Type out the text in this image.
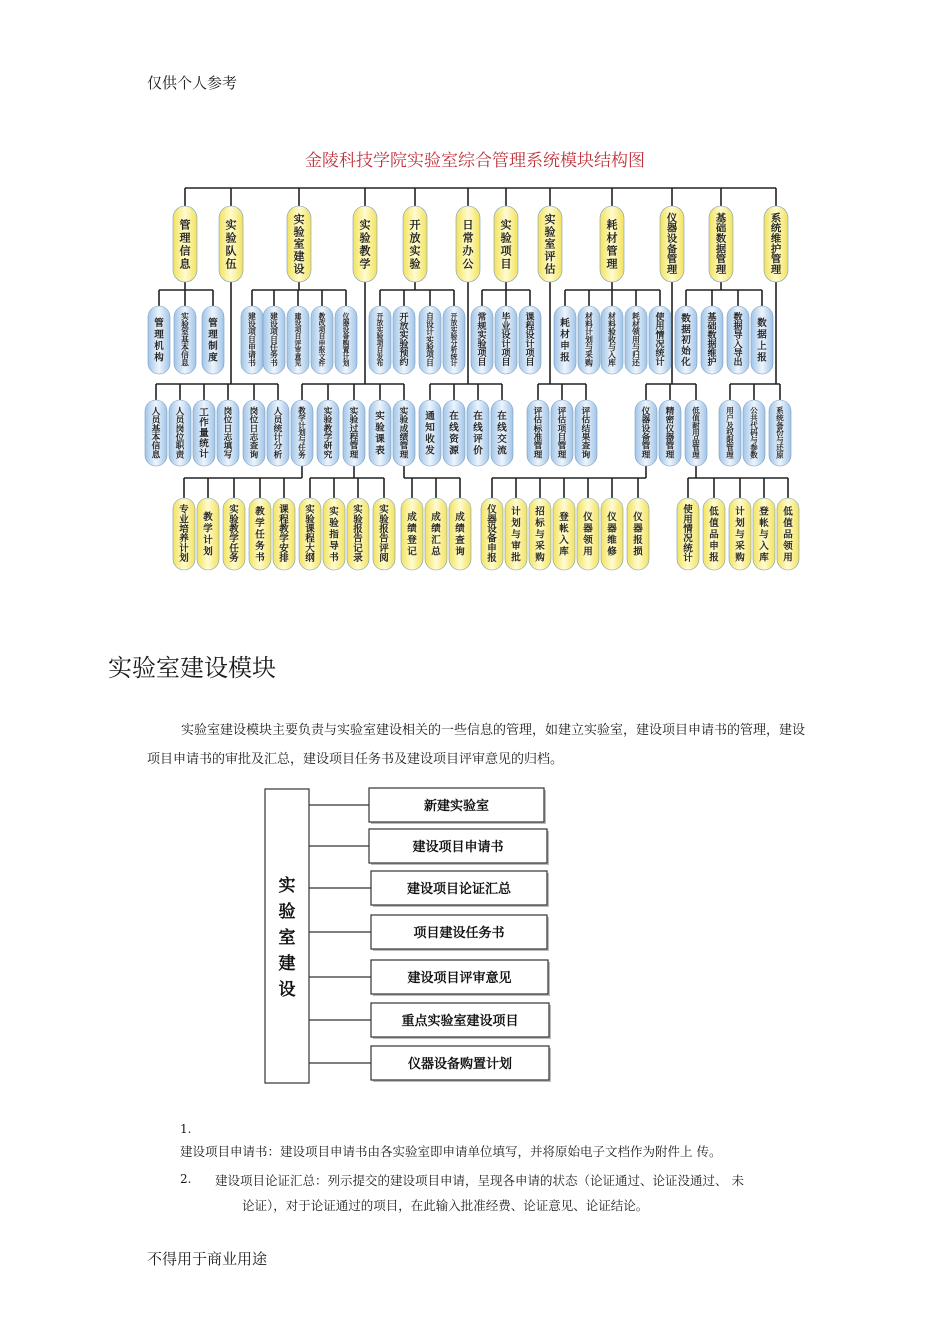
仅供个人参考
金陵科技学院实验室综合管理系统模块结构图
管
理
信
息
实
验
队
伍
实
验
室
建
设
实
验
教
学
开
放
实
验
日
常
办
公
实
验
项
目
实
验
室
评
估
耗
材
管
理
仪
器
设
备
管
理
基
础
数
据
管
理
系
统
维
护
管
理
管
理
机
构
实
验
室
基
本
信
息
管
理
制
度
建
设
项
目
申
请
书
建
设
项
目
任
务
书
建
设
项
目
评
审
意
见
教
改
项
目
申
报
文
件
仪
器
设
备
购
置
计
划
开
放
实
验
项
目
发
布
开
放
实
验
预
约
自
设
计
实
验
项
目
开
放
实
验
分
析
统
计
常
规
实
验
项
目
毕
业
设
计
项
目
课
程
设
计
项
目
耗
材
申
报
材
料
计
划
与
采
购
材
料
验
收
与
入
库
耗
材
领
用
与
归
还
使
用
情
况
统
计
数
据
初
始
化
基
础
数
据
维
护
数
据
导
入
导
出
数
据
上
报
人
员
基
本
信
息
人
员
岗
位
职
责
工
作
量
统
计
岗
位
日
志
填
写
岗
位
日
志
查
询
人
员
统
计
分
析
教
学
计
划
与
任
务
实
验
教
学
研
究
实
验
过
程
管
理
实
验
课
表
实
验
成
绩
管
理
通
知
收
发
在
线
资
源
在
线
评
价
在
线
交
流
评
估
标
准
管
理
评
估
项
目
管
理
评
估
结
果
查
询
仪
器
设
备
管
理
精
密
仪
器
管
理
低
值
耐
用
品
管
理
用
户
及
权
限
管
理
公
共
代
码
与
参
数
系
统
备
份
与
还
原
专
业
培
养
计
划
教
学
计
划
实
验
教
学
任
务
教
学
任
务
书
课
程
教
学
安
排
实
验
课
程
大
纲
实
验
指
导
书
实
验
报
告
记
录
实
验
报
告
评
阅
成
绩
登
记
成
绩
汇
总
成
绩
查
询
仪
器
设
备
申
报
计
划
与
审
批
招
标
与
采
购
登
帐
入
库
仪
器
领
用
仪
器
维
修
仪
器
报
损
使
用
情
况
统
计
低
值
品
申
报
计
划
与
采
购
登
帐
与
入
库
低
值
品
领
用
实验室建设模块
实验室建设模块主要负责与实验室建设相关的一些信息的管理，如建立实验室，建设项目申请书的管理，建设项目申请书的审批及汇总，建设项目任务书及建设项目评审意见的归档。
实
验
室
建
设
新建实验室
建设项目申请书
建设项目论证汇总
项目建设任务书
建设项目评审意见
重点实验室建设项目
仪器设备购置计划
1.
建设项目申请书：建设项目申请书由各实验室即申请单位填写，并将原始电子文档作为附件上 传。
2. 建设项目论证汇总：列示提交的建设项目申请，呈现各申请的状态（论证通过、论证没通过、 未
论证），对于论证通过的项目，在此输入批准经费、论证意见、论证结论。
不得用于商业用途
